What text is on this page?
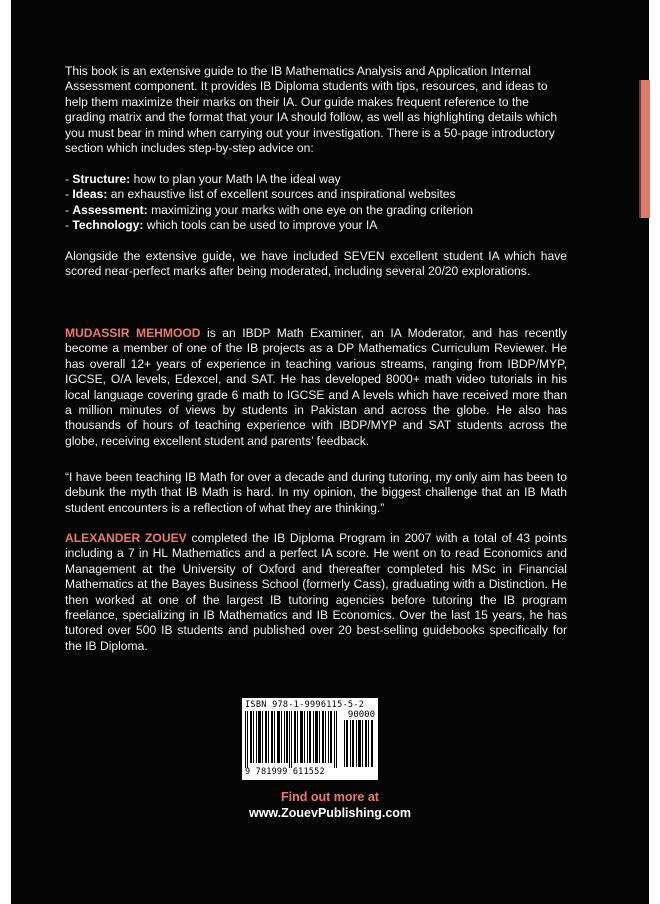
This book is an extensive guide to the IB Mathematics Analysis and Application Internal Assessment component. It provides IB Diploma students with tips, resources, and ideas to help them maximize their marks on their IA. Our guide makes frequent reference to the grading matrix and the format that your IA should follow, as well as highlighting details which you must bear in mind when carrying out your investigation. There is a 50-page introductory section which includes step-by-step advice on:

- Structure: how to plan your Math IA the ideal way
- Ideas: an exhaustive list of excellent sources and inspirational websites
- Assessment: maximizing your marks with one eye on the grading criterion
- Technology: which tools can be used to improve your IA

Alongside the extensive guide, we have included SEVEN excellent student IA which have scored near-perfect marks after being moderated, including several 20/20 explorations.

MUDASSIR MEHMOOD is an IBDP Math Examiner, an IA Moderator, and has recently become a member of one of the IB projects as a DP Mathematics Curriculum Reviewer. He has overall 12+ years of experience in teaching various streams, ranging from IBDP/MYP, IGCSE, O/A levels, Edexcel, and SAT. He has developed 8000+ math video tutorials in his local language covering grade 6 math to IGCSE and A levels which have received more than a million minutes of views by students in Pakistan and across the globe. He also has thousands of hours of teaching experience with IBDP/MYP and SAT students across the globe, receiving excellent student and parents’ feedback.

“I have been teaching IB Math for over a decade and during tutoring, my only aim has been to debunk the myth that IB Math is hard. In my opinion, the biggest challenge that an IB Math student encounters is a reflection of what they are thinking.”

ALEXANDER ZOUEV completed the IB Diploma Program in 2007 with a total of 43 points including a 7 in HL Mathematics and a perfect IA score. He went on to read Economics and Management at the University of Oxford and thereafter completed his MSc in Financial Mathematics at the Bayes Business School (formerly Cass), graduating with a Distinction. He then worked at one of the largest IB tutoring agencies before tutoring the IB program freelance, specializing in IB Mathematics and IB Economics. Over the last 15 years, he has tutored over 500 IB students and published over 20 best-selling guidebooks specifically for the IB Diploma.

ISBN 978-1-9996115-5-2
90000
9 781999 611552
Find out more at
www.ZouevPublishing.com
